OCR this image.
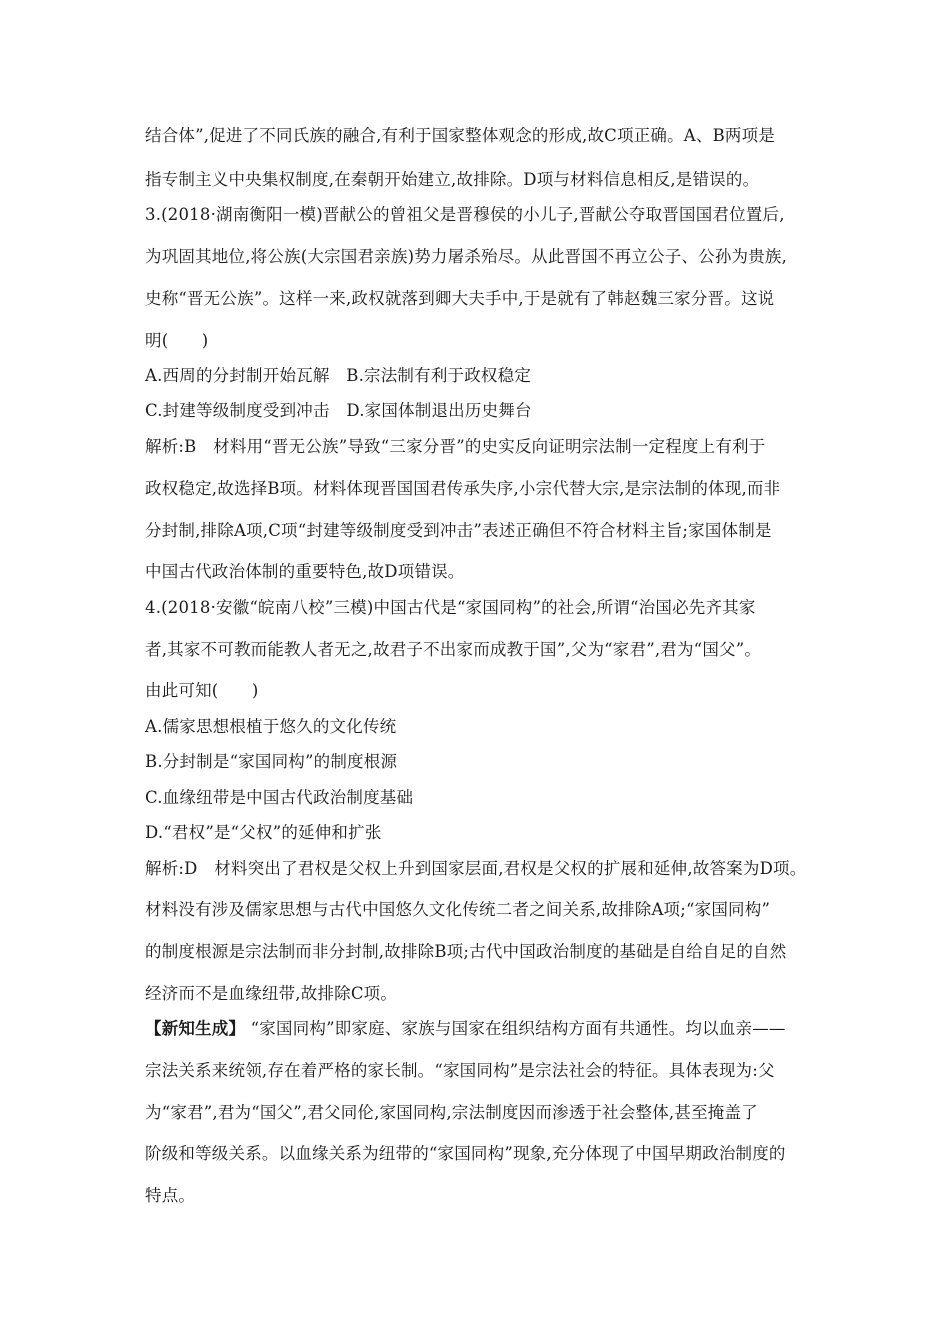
结合体”,促进了不同氏族的融合,有利于国家整体观念的形成,故C项正确。A、B两项是
指专制主义中央集权制度,在秦朝开始建立,故排除。D项与材料信息相反,是错误的。
3.(2018·湖南衡阳一模)晋献公的曾祖父是晋穆侯的小儿子,晋献公夺取晋国国君位置后,
为巩固其地位,将公族(大宗国君亲族)势力屠杀殆尽。从此晋国不再立公子、公孙为贵族,
史称“晋无公族”。这样一来,政权就落到卿大夫手中,于是就有了韩赵魏三家分晋。这说
明(　　)
A.西周的分封制开始瓦解　B.宗法制有利于政权稳定
C.封建等级制度受到冲击　D.家国体制退出历史舞台
解析:B　材料用“晋无公族”导致“三家分晋”的史实反向证明宗法制一定程度上有利于
政权稳定,故选择B项。材料体现晋国国君传承失序,小宗代替大宗,是宗法制的体现,而非
分封制,排除A项,C项“封建等级制度受到冲击”表述正确但不符合材料主旨;家国体制是
中国古代政治体制的重要特色,故D项错误。
4.(2018·安徽“皖南八校”三模)中国古代是“家国同构”的社会,所谓“治国必先齐其家
者,其家不可教而能教人者无之,故君子不出家而成教于国”,父为“家君”,君为“国父”。
由此可知(　　)
A.儒家思想根植于悠久的文化传统
B.分封制是“家国同构”的制度根源
C.血缘纽带是中国古代政治制度基础
D.“君权”是“父权”的延伸和扩张
解析:D　材料突出了君权是父权上升到国家层面,君权是父权的扩展和延伸,故答案为D项。
材料没有涉及儒家思想与古代中国悠久文化传统二者之间关系,故排除A项;“家国同构”
的制度根源是宗法制而非分封制,故排除B项;古代中国政治制度的基础是自给自足的自然
经济而不是血缘纽带,故排除C项。
【新知生成】 “家国同构”即家庭、家族与国家在组织结构方面有共通性。均以血亲——
宗法关系来统领,存在着严格的家长制。“家国同构”是宗法社会的特征。具体表现为:父
为“家君”,君为“国父”,君父同伦,家国同构,宗法制度因而渗透于社会整体,甚至掩盖了
阶级和等级关系。以血缘关系为纽带的“家国同构”现象,充分体现了中国早期政治制度的
特点。
